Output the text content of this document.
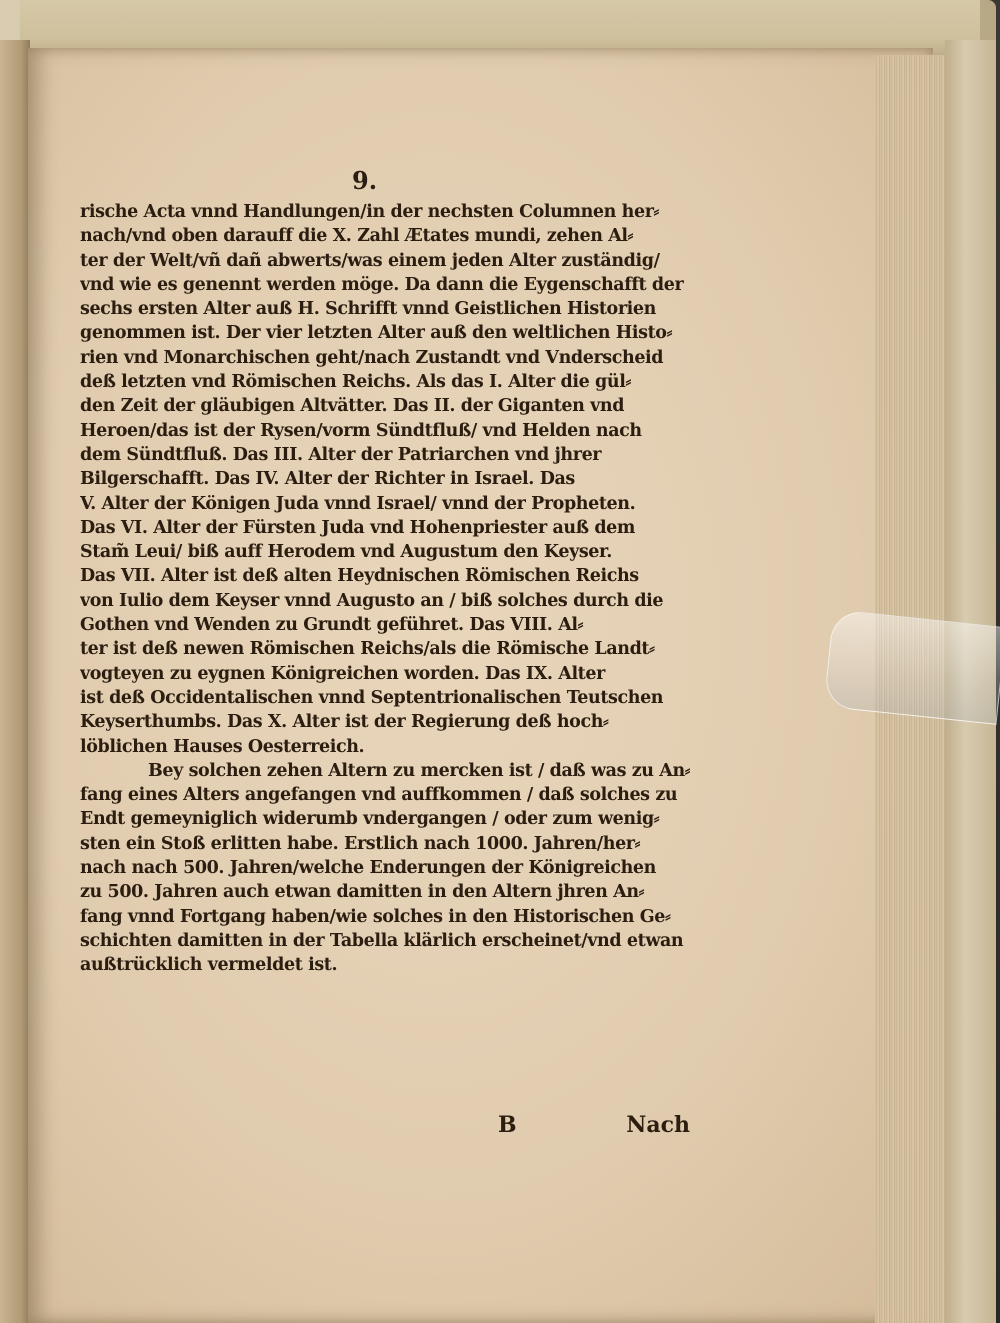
9.
rische Acta vnnd Handlungen/in der nechsten Columnen her⸗
nach/vnd oben darauff die X. Zahl Ætates mundi, zehen Al⸗
ter der Welt/vñ dañ abwerts/was einem jeden Alter zuständig/
vnd wie es genennt werden möge. Da dann die Eygenschafft der
sechs ersten Alter auß H. Schrifft vnnd Geistlichen Historien
genommen ist. Der vier letzten Alter auß den weltlichen Histo⸗
rien vnd Monarchischen geht/nach Zustandt vnd Vnderscheid
deß letzten vnd Römischen Reichs. Als das I. Alter die gül⸗
den Zeit der gläubigen Altvätter. Das II. der Giganten vnd
Heroen/das ist der Rysen/vorm Sündtfluß/ vnd Helden nach
dem Sündtfluß. Das III. Alter der Patriarchen vnd jhrer
Bilgerschafft. Das IV. Alter der Richter in Israel. Das
V. Alter der Königen Juda vnnd Israel/ vnnd der Propheten.
Das VI. Alter der Fürsten Juda vnd Hohenpriester auß dem
Stam̃ Leui/ biß auff Herodem vnd Augustum den Keyser.
Das VII. Alter ist deß alten Heydnischen Römischen Reichs
von Iulio dem Keyser vnnd Augusto an / biß solches durch die
Gothen vnd Wenden zu Grundt geführet. Das VIII. Al⸗
ter ist deß newen Römischen Reichs/als die Römische Landt⸗
vogteyen zu eygnen Königreichen worden. Das IX. Alter
ist deß Occidentalischen vnnd Septentrionalischen Teutschen
Keyserthumbs. Das X. Alter ist der Regierung deß hoch⸗
löblichen Hauses Oesterreich.
Bey solchen zehen Altern zu mercken ist / daß was zu An⸗
fang eines Alters angefangen vnd auffkommen / daß solches zu
Endt gemeyniglich widerumb vndergangen / oder zum wenig⸗
sten ein Stoß erlitten habe. Erstlich nach 1000. Jahren/her⸗
nach nach 500. Jahren/welche Enderungen der Königreichen
zu 500. Jahren auch etwan damitten in den Altern jhren An⸗
fang vnnd Fortgang haben/wie solches in den Historischen Ge⸗
schichten damitten in der Tabella klärlich erscheinet/vnd etwan
außtrücklich vermeldet ist.
B	Nach
